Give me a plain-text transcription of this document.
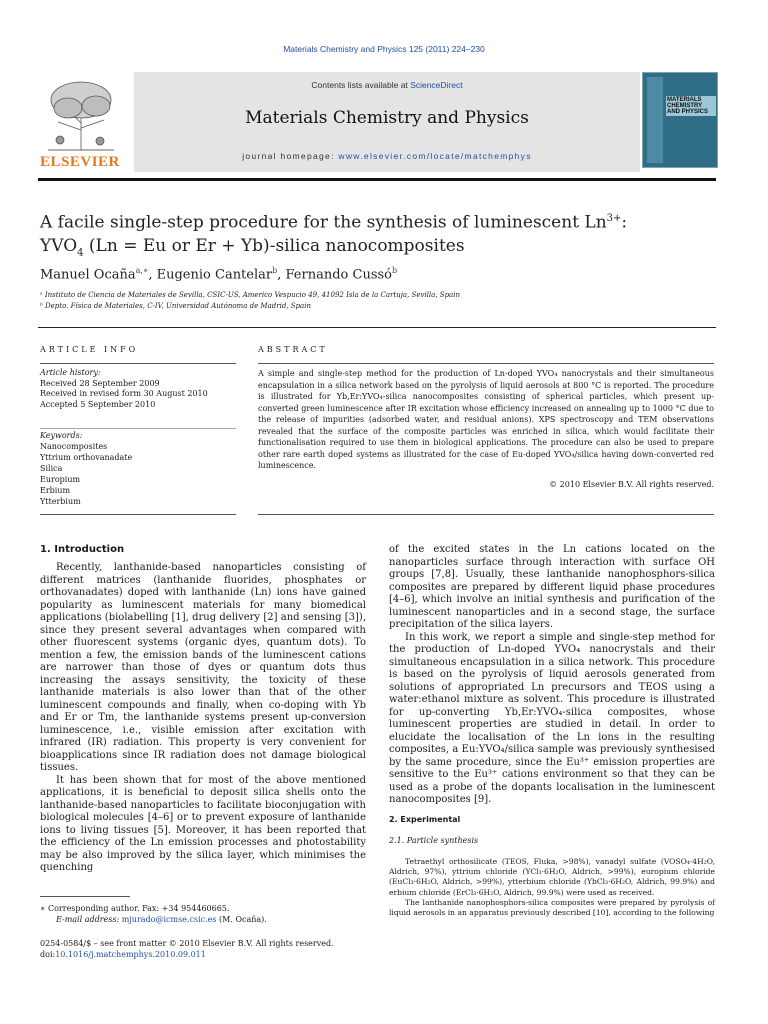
Materials Chemistry and Physics 125 (2011) 224–230
ELSEVIER
Contents lists available at ScienceDirect
Materials Chemistry and Physics
journal homepage: www.elsevier.com/locate/matchemphys
MATERIALS CHEMISTRY AND PHYSICS
A facile single-step procedure for the synthesis of luminescent $Ln^{3+}$:
$YVO_4$ (Ln = Eu or Er + Yb)-silica nanocomposites
Manuel Ocaña$^{a,∗}$, Eugenio Cantelar$^b$, Fernando Cussó$^b$
ᵃ Instituto de Ciencia de Materiales de Sevilla, CSIC-US, Americo Vespucio 49, 41092 Isla de la Cartuja, Sevilla, Spain
ᵇ Depto. Física de Materiales, C-IV, Universidad Autónoma de Madrid, Spain
ARTICLE INFO	ABSTRACT
Article history:
Received 28 September 2009
Received in revised form 30 August 2010
Accepted 5 September 2010
Keywords:
Nanocomposites
Yttrium orthovanadate
Silica
Europium
Erbium
Ytterbium
A simple and single-step method for the production of Ln-doped YVO₄ nanocrystals and their simultaneous encapsulation in a silica network based on the pyrolysis of liquid aerosols at 800 °C is reported. The procedure is illustrated for Yb,Er:YVO₄-silica nanocomposites consisting of spherical particles, which present up-converted green luminescence after IR excitation whose efficiency increased on annealing up to 1000 °C due to the release of impurities (adsorbed water, and residual anions). XPS spectroscopy and TEM observations revealed that the surface of the composite particles was enriched in silica, which would facilitate their functionalisation required to use them in biological applications. The procedure can also be used to prepare other rare earth doped systems as illustrated for the case of Eu-doped YVO₄/silica having down-converted red luminescence.
© 2010 Elsevier B.V. All rights reserved.
1. Introduction

Recently, lanthanide-based nanoparticles consisting of different matrices (lanthanide fluorides, phosphates or orthovanadates) doped with lanthanide (Ln) ions have gained popularity as luminescent materials for many biomedical applications (biolabelling [1], drug delivery [2] and sensing [3]), since they present several advantages when compared with other fluorescent systems (organic dyes, quantum dots). To mention a few, the emission bands of the luminescent cations are narrower than those of dyes or quantum dots thus increasing the assays sensitivity, the toxicity of these lanthanide materials is also lower than that of the other luminescent compounds and finally, when co-doping with Yb and Er or Tm, the lanthanide systems present up-conversion luminescence, i.e., visible emission after excitation with infrared (IR) radiation. This property is very convenient for bioapplications since IR radiation does not damage biological tissues.

It has been shown that for most of the above mentioned applications, it is beneficial to deposit silica shells onto the lanthanide-based nanoparticles to facilitate bioconjugation with biological molecules [4–6] or to prevent exposure of lanthanide ions to living tissues [5]. Moreover, it has been reported that the efficiency of the Ln emission processes and photostability may be also improved by the silica layer, which minimises the quenching

of the excited states in the Ln cations located on the nanoparticles surface through interaction with surface OH groups [7,8]. Usually, these lanthanide nanophosphors-silica composites are prepared by different liquid phase procedures [4–6], which involve an initial synthesis and purification of the luminescent nanoparticles and in a second stage, the surface precipitation of the silica layers.

In this work, we report a simple and single-step method for the production of Ln-doped YVO₄ nanocrystals and their simultaneous encapsulation in a silica network. This procedure is based on the pyrolysis of liquid aerosols generated from solutions of appropriated Ln precursors and TEOS using a water:ethanol mixture as solvent. This procedure is illustrated for up-converting Yb,Er:YVO₄-silica composites, whose luminescent properties are studied in detail. In order to elucidate the localisation of the Ln ions in the resulting composites, a Eu:YVO₄/silica sample was previously synthesised by the same procedure, since the Eu³⁺ emission properties are sensitive to the Eu³⁺ cations environment so that they can be used as a probe of the dopants localisation in the luminescent nanocomposites [9].

2. Experimental
2.1. Particle synthesis

Tetraethyl orthosilicate (TEOS, Fluka, >98%), vanadyl sulfate (VOSO₄·4H₂O, Aldrich, 97%), yttrium chloride (YCl₃·6H₂O, Aldrich, >99%), europium chloride (EuCl₃·6H₂O, Aldrich, >99%), ytterbium chloride (YbCl₃·6H₂O, Aldrich, 99.9%) and erbium chloride (ErCl₃·6H₂O, Aldrich, 99.9%) were used as received.

The lanthanide nanophosphors-silica composites were prepared by pyrolysis of liquid aerosols in an apparatus previously described [10], according to the following

∗ Corresponding author. Fax: +34 954460665.
E-mail address: mjurado@icmse.csic.es (M. Ocaña).
0254-0584/$ – see front matter © 2010 Elsevier B.V. All rights reserved.
doi:10.1016/j.matchemphys.2010.09.011
